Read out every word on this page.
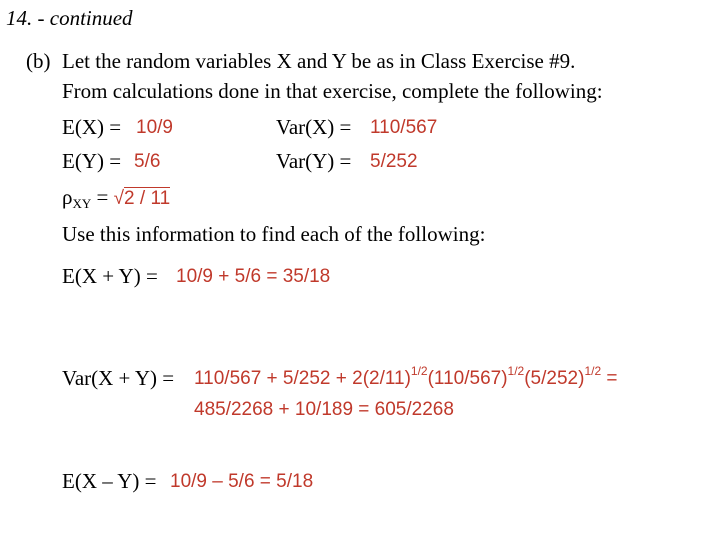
14. - continued
(b) Let the random variables X and Y be as in Class Exercise #9.
From calculations done in that exercise, complete the following:
E(X) = 10/9	Var(X) = 110/567
E(Y) = 5/6	Var(Y) = 5/252
ρXY = √2 / 11
Use this information to find each of the following:
E(X + Y) = 10/9 + 5/6 = 35/18
$Var(X + Y) = 110/567 + 5/252 + 2(2/11)^{1/2}(110/567)^{1/2}(5/252)^{1/2}$ =
485/2268 + 10/189 = 605/2268
E(X – Y) = 10/9 – 5/6 = 5/18
